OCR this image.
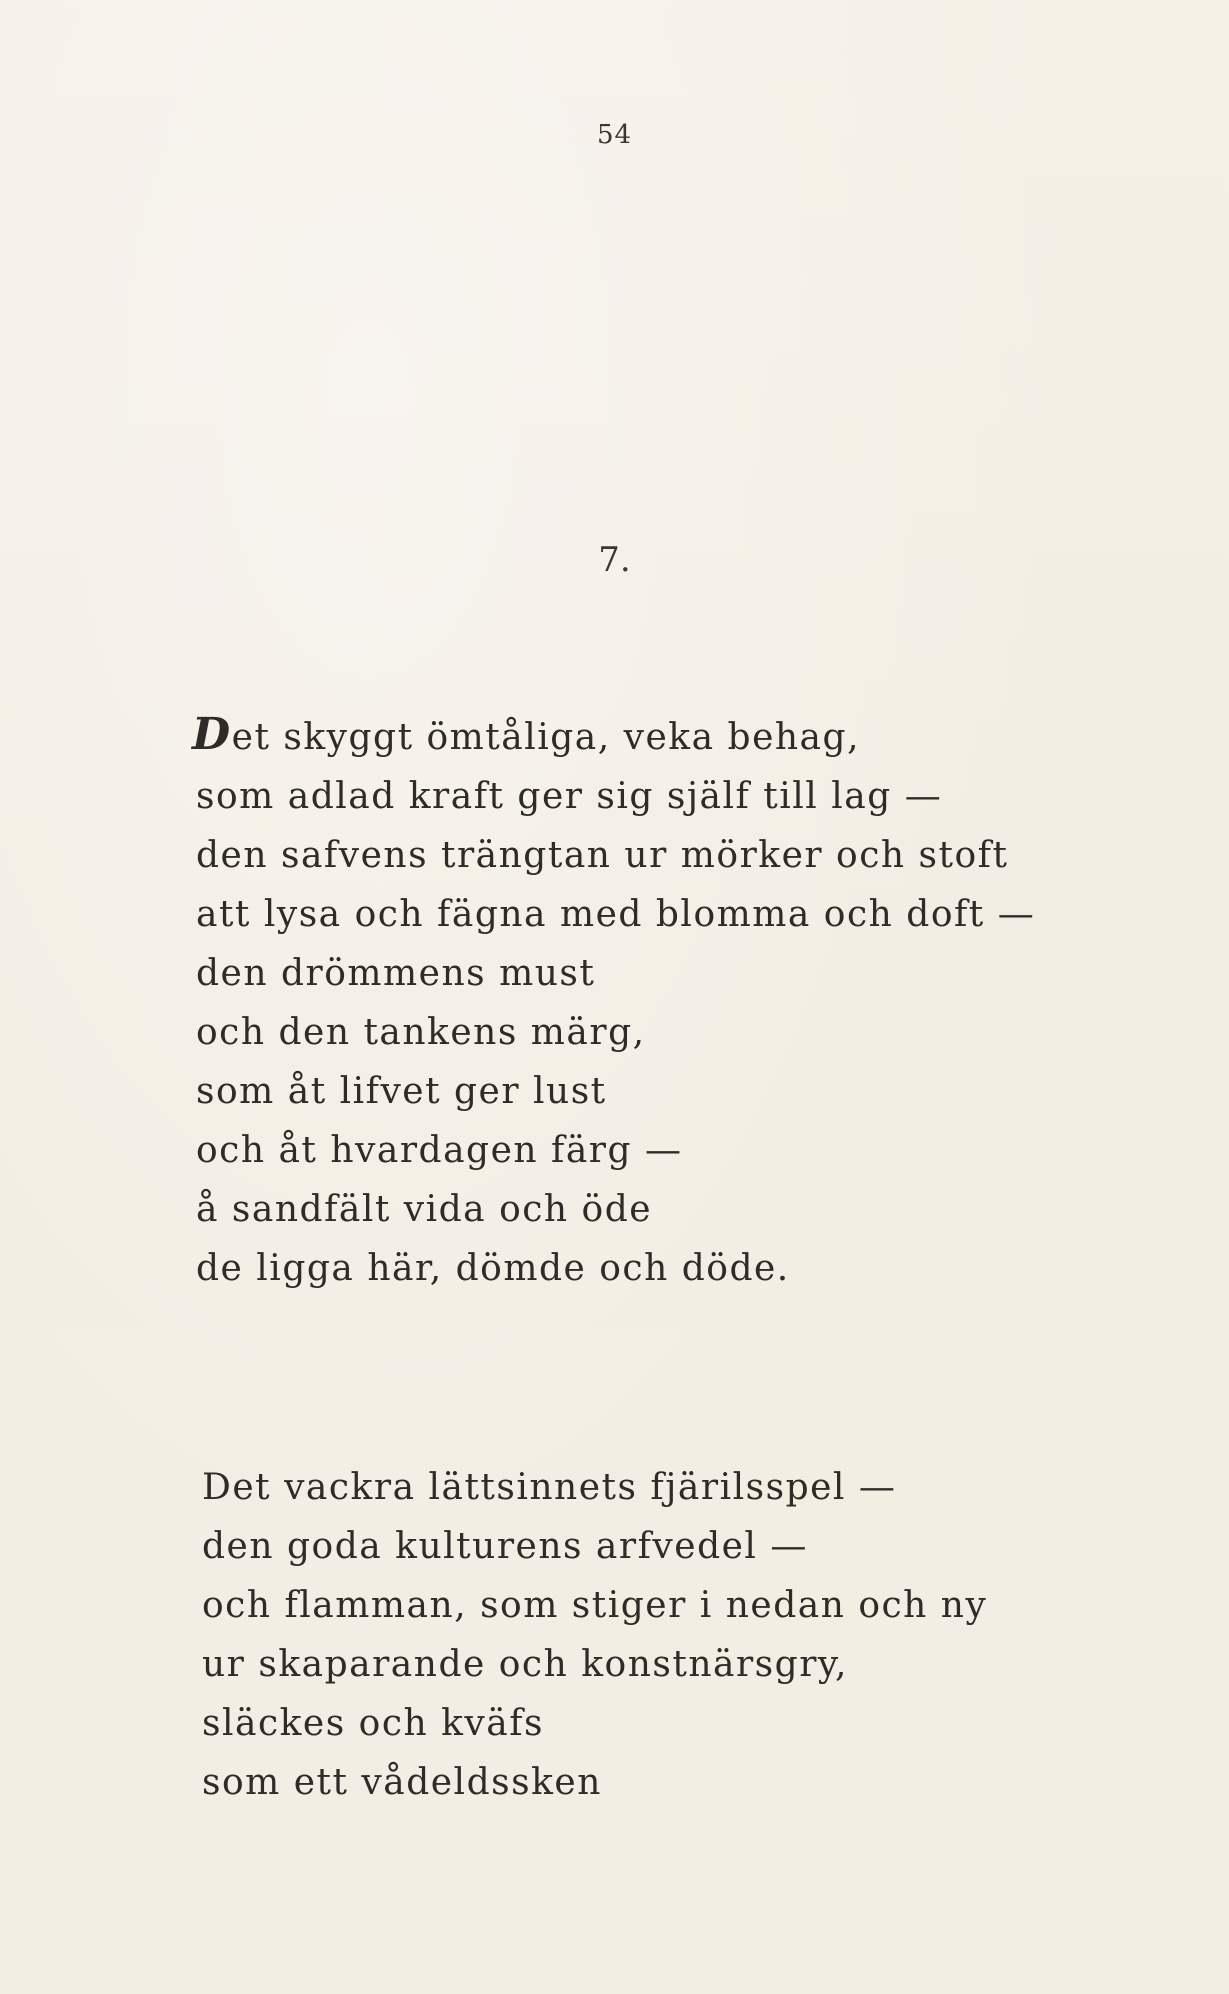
54
7.
Det skyggt ömtåliga, veka behag,
som adlad kraft ger sig själf till lag —
den safvens trängtan ur mörker och stoft
att lysa och fägna med blomma och doft —
den drömmens must
och den tankens märg,
som åt lifvet ger lust
och åt hvardagen färg —
å sandfält vida och öde
de ligga här, dömde och döde.
Det vackra lättsinnets fjärilsspel —
den goda kulturens arfvedel —
och flamman, som stiger i nedan och ny
ur skaparande och konstnärsgry,
släckes och kväfs
som ett vådeldssken
